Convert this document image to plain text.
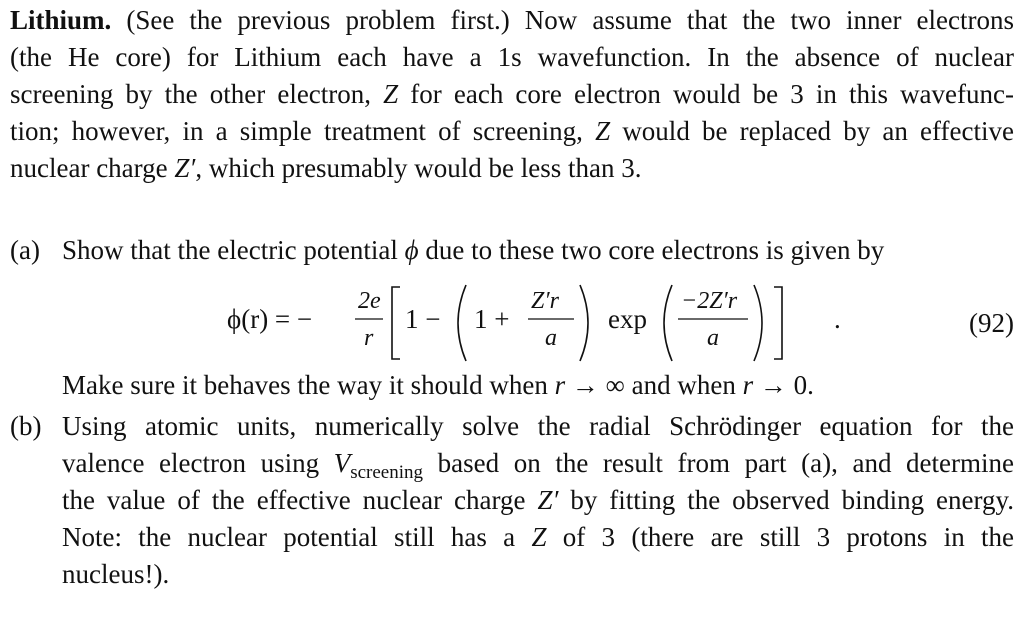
Lithium. (See the previous problem first.) Now assume that the two inner electrons
(the He core) for Lithium each have a 1s wavefunction. In the absence of nuclear
screening by the other electron, Z for each core electron would be 3 in this wavefunc-
tion; however, in a simple treatment of screening, Z would be replaced by an effective
nuclear charge Z′, which presumably would be less than 3.
(a) Show that the electric potential ϕ due to these two core electrons is given by
ϕ(r) = −
2e
r
1 − 1 +
Z′r
a
exp
−2Z′r
a
.	(92)
Make sure it behaves the way it should when r → ∞ and when r → 0.
(b) Using atomic units, numerically solve the radial Schrödinger equation for the
valence electron using $V_{screening}$ based on the result from part (a), and determine
the value of the effective nuclear charge Z′ by fitting the observed binding energy.
Note: the nuclear potential still has a Z of 3 (there are still 3 protons in the
nucleus!).
